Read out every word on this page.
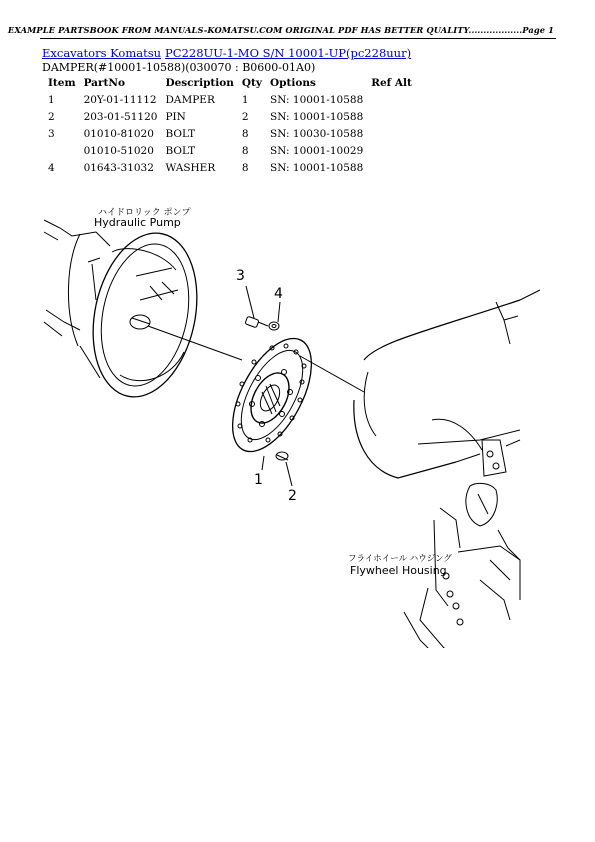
EXAMPLE PARTSBOOK FROM MANUALS-KOMATSU.COM ORIGINAL PDF HAS BETTER QUALITY..................Page 1
Excavators Komatsu PC228UU-1-MO S/N 10001-UP(pc228uur)
DAMPER(#10001-10588)(030070 : B0600-01A0)
Item	PartNo	Description	Qty	Options	Ref Alt
1	20Y-01-11112	DAMPER	1	SN: 10001-10588	
2	203-01-51120	PIN	2	SN: 10001-10588	
3	01010-81020	BOLT	8	SN: 10030-10588	
	01010-51020	BOLT	8	SN: 10001-10029	
4	01643-31032	WASHER	8	SN: 10001-10588	
ハイドロリック ポンプ
Hydraulic Pump
フライホイール ハウジング
Flywheel Housing
3
4
1
2
